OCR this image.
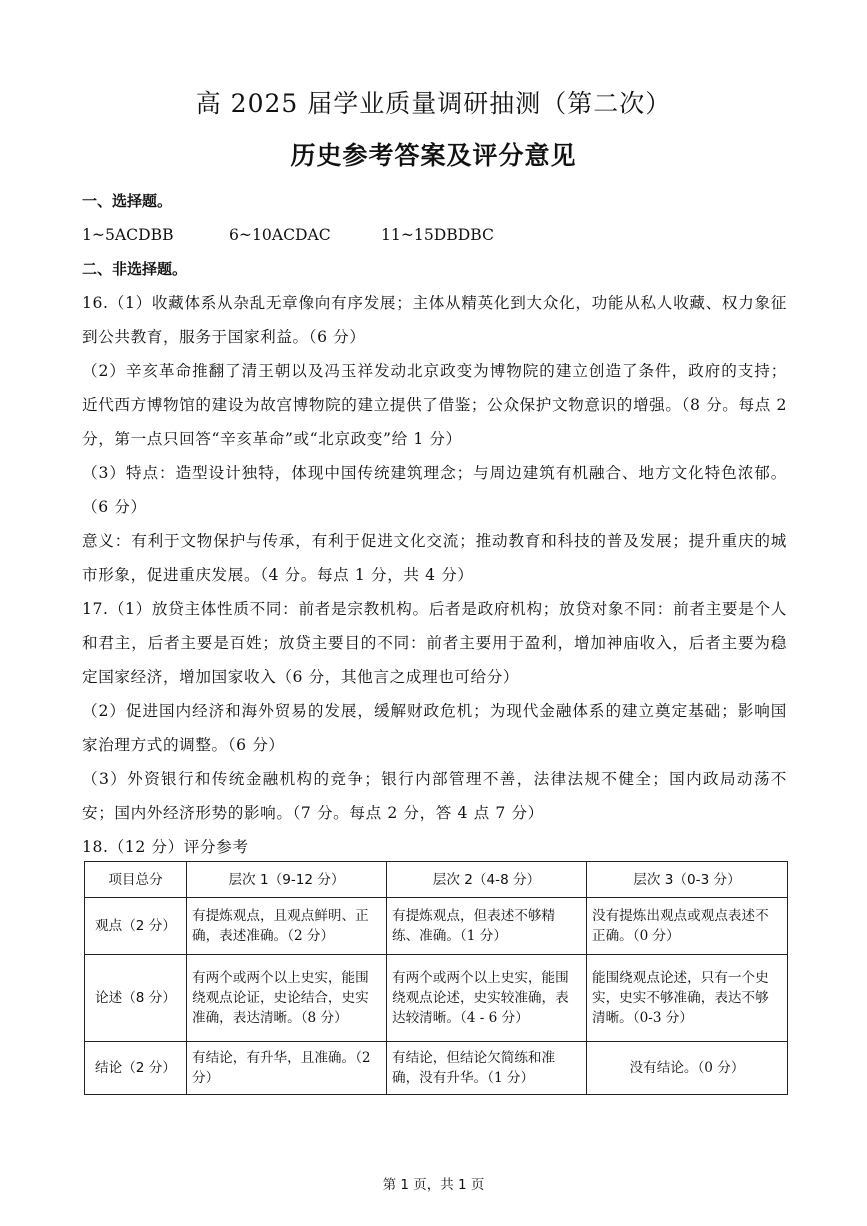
高 2025 届学业质量调研抽测（第二次）
历史参考答案及评分意见
一、选择题。
1~5ACDBB	6~10ACDAC	11~15DBDBC
二、非选择题。

16.（1）收藏体系从杂乱无章像向有序发展；主体从精英化到大众化，功能从私人收藏、权力象征到公共教育，服务于国家利益。（6 分）

（2）辛亥革命推翻了清王朝以及冯玉祥发动北京政变为博物院的建立创造了条件，政府的支持；近代西方博物馆的建设为故宫博物院的建立提供了借鉴；公众保护文物意识的增强。（8 分。每点 2 分，第一点只回答“辛亥革命”或“北京政变”给 1 分）

（3）特点：造型设计独特，体现中国传统建筑理念；与周边建筑有机融合、地方文化特色浓郁。（6 分）

意义：有利于文物保护与传承，有利于促进文化交流；推动教育和科技的普及发展；提升重庆的城市形象，促进重庆发展。（4 分。每点 1 分，共 4 分）

17.（1）放贷主体性质不同：前者是宗教机构。后者是政府机构；放贷对象不同：前者主要是个人和君主，后者主要是百姓；放贷主要目的不同：前者主要用于盈利，增加神庙收入，后者主要为稳定国家经济，增加国家收入（6 分，其他言之成理也可给分）

（2）促进国内经济和海外贸易的发展，缓解财政危机；为现代金融体系的建立奠定基础；影响国家治理方式的调整。（6 分）

（3）外资银行和传统金融机构的竞争；银行内部管理不善，法律法规不健全；国内政局动荡不安；国内外经济形势的影响。（7 分。每点 2 分，答 4 点 7 分）

18.（12 分）评分参考

项目总分	层次 1（9-12 分）	层次 2（4-8 分）	层次 3（0-3 分）
观点（2 分）	有提炼观点，且观点鲜明、正确，表述准确。（2 分）	有提炼观点，但表述不够精练、准确。（1 分）	没有提炼出观点或观点表述不正确。（0 分）
论述（8 分）	有两个或两个以上史实，能围绕观点论证，史论结合，史实准确，表达清晰。（8 分）	有两个或两个以上史实，能围绕观点论述，史实较准确，表达较清晰。（4 - 6 分）	能围绕观点论述，只有一个史实，史实不够准确，表达不够清晰。（0-3 分）
结论（2 分）	有结论，有升华，且准确。（2 分）	有结论，但结论欠简练和准确，没有升华。（1 分）	没有结论。（0 分）
第 1 页，共 1 页
